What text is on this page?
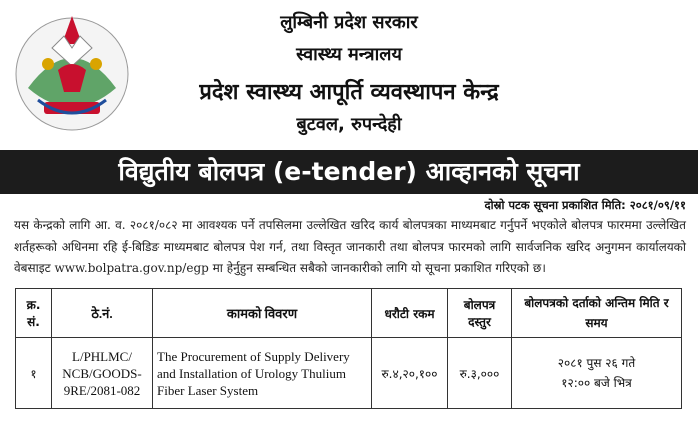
लुम्बिनी प्रदेश सरकार
स्वास्थ्य मन्त्रालय
प्रदेश स्वास्थ्य आपूर्ति व्यवस्थापन केन्द्र
बुटवल, रुपन्देही
विद्युतीय बोलपत्र (e-tender) आव्हानको सूचना
दोस्रो पटक सूचना प्रकाशित मिति: २०८१/०९/११
यस केन्द्रको लागि आ. व. २०८१/०८२ मा आवश्यक पर्ने तपसिलमा उल्लेखित खरिद कार्य बोलपत्रका माध्यमबाट गर्नुपर्ने भएकोले बोलपत्र फारममा उल्लेखित शर्तहरूको अधिनमा रहि ई-बिडिङ माध्यमबाट बोलपत्र पेश गर्न, तथा विस्तृत जानकारी तथा बोलपत्र फारमको लागि सार्वजनिक खरिद अनुगमन कार्यालयको वेबसाइट www.bolpatra.gov.np/egp मा हेर्नुहुन सम्बन्धित सबैको जानकारीको लागि यो सूचना प्रकाशित गरिएको छ।
क्र. सं.	ठे.नं.	कामको विवरण	धरौटी रकम	बोलपत्र दस्तुर	बोलपत्रको दर्ताको अन्तिम मिति र समय
१	L/PHLMC/ NCB/GOODS- 9RE/2081-082	The Procurement of Supply Delivery and Installation of Urology Thulium Fiber Laser System	रु.४,२०,१००	रु.३,०००	२०८१ पुस २६ गते
१२:०० बजे भित्र
